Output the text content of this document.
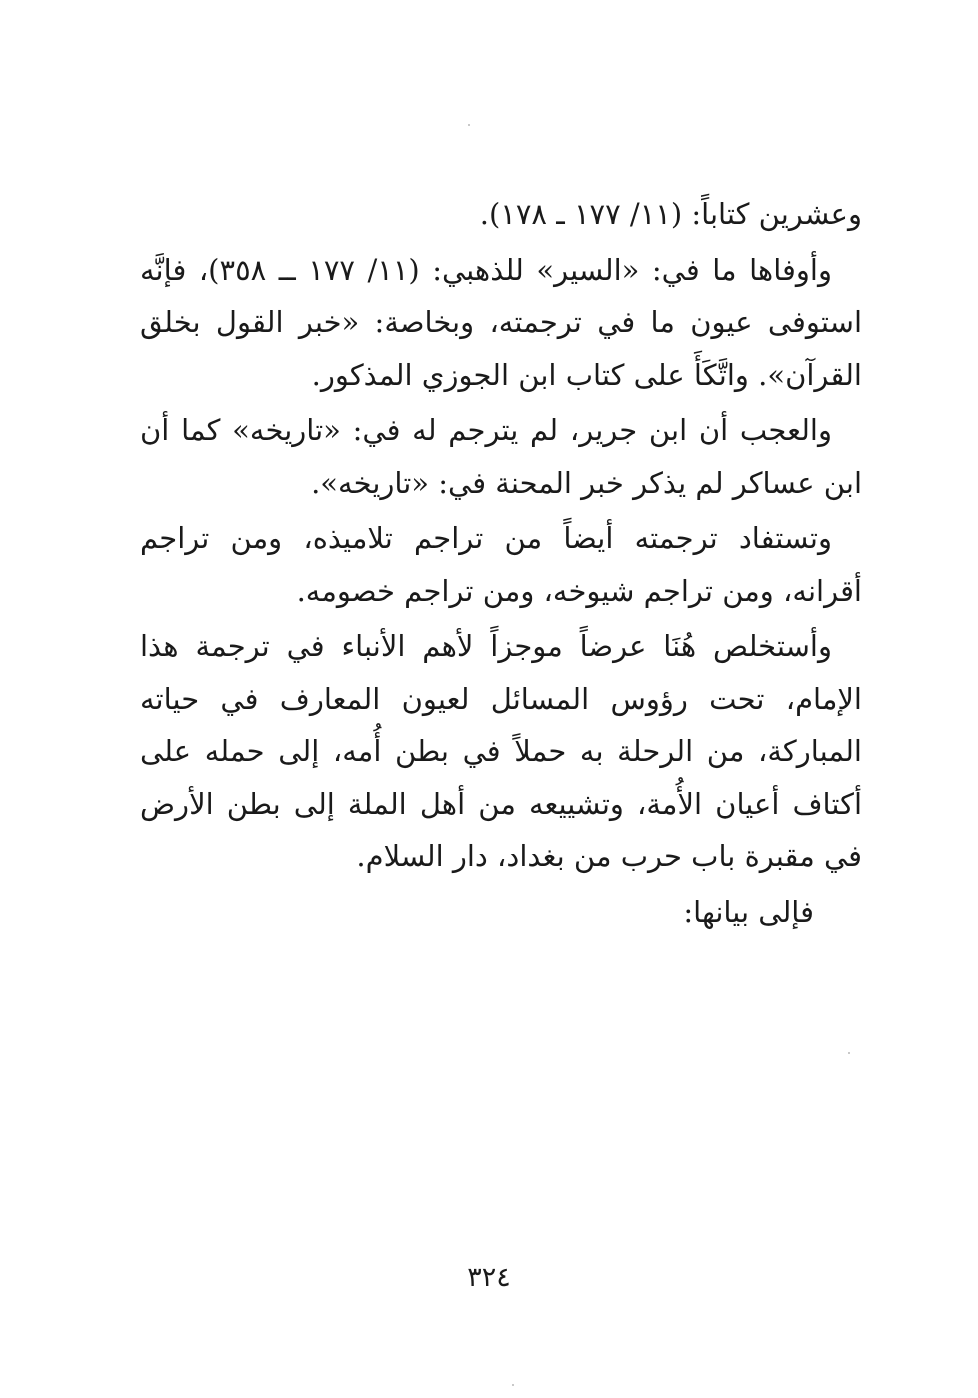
وعشرين كتاباً: (١١/ ١٧٧ ـ ١٧٨).

وأوفاها ما في: «السير» للذهبي: (١١/ ١٧٧ ــ ٣٥٨)، فإنَّه استوفى عيون ما في ترجمته، وبخاصة: «خبر القول بخلق القرآن». واتَّكَأَ على كتاب ابن الجوزي المذكور.

والعجب أن ابن جرير، لم يترجم له في: «تاريخه» كما أن ابن عساكر لم يذكر خبر المحنة في: «تاريخه».

وتستفاد ترجمته أيضاً من تراجم تلاميذه، ومن تراجم أقرانه، ومن تراجم شيوخه، ومن تراجم خصومه.

وأستخلص هُنَا عرضاً موجزاً لأهم الأنباء في ترجمة هذا الإمام، تحت رؤوس المسائل لعيون المعارف في حياته المباركة، من الرحلة به حملاً في بطن أُمه، إلى حمله على أكتاف أعيان الأُمة، وتشييعه من أهل الملة إلى بطن الأرض في مقبرة باب حرب من بغداد، دار السلام.

فإلى بيانها:

٣٢٤
